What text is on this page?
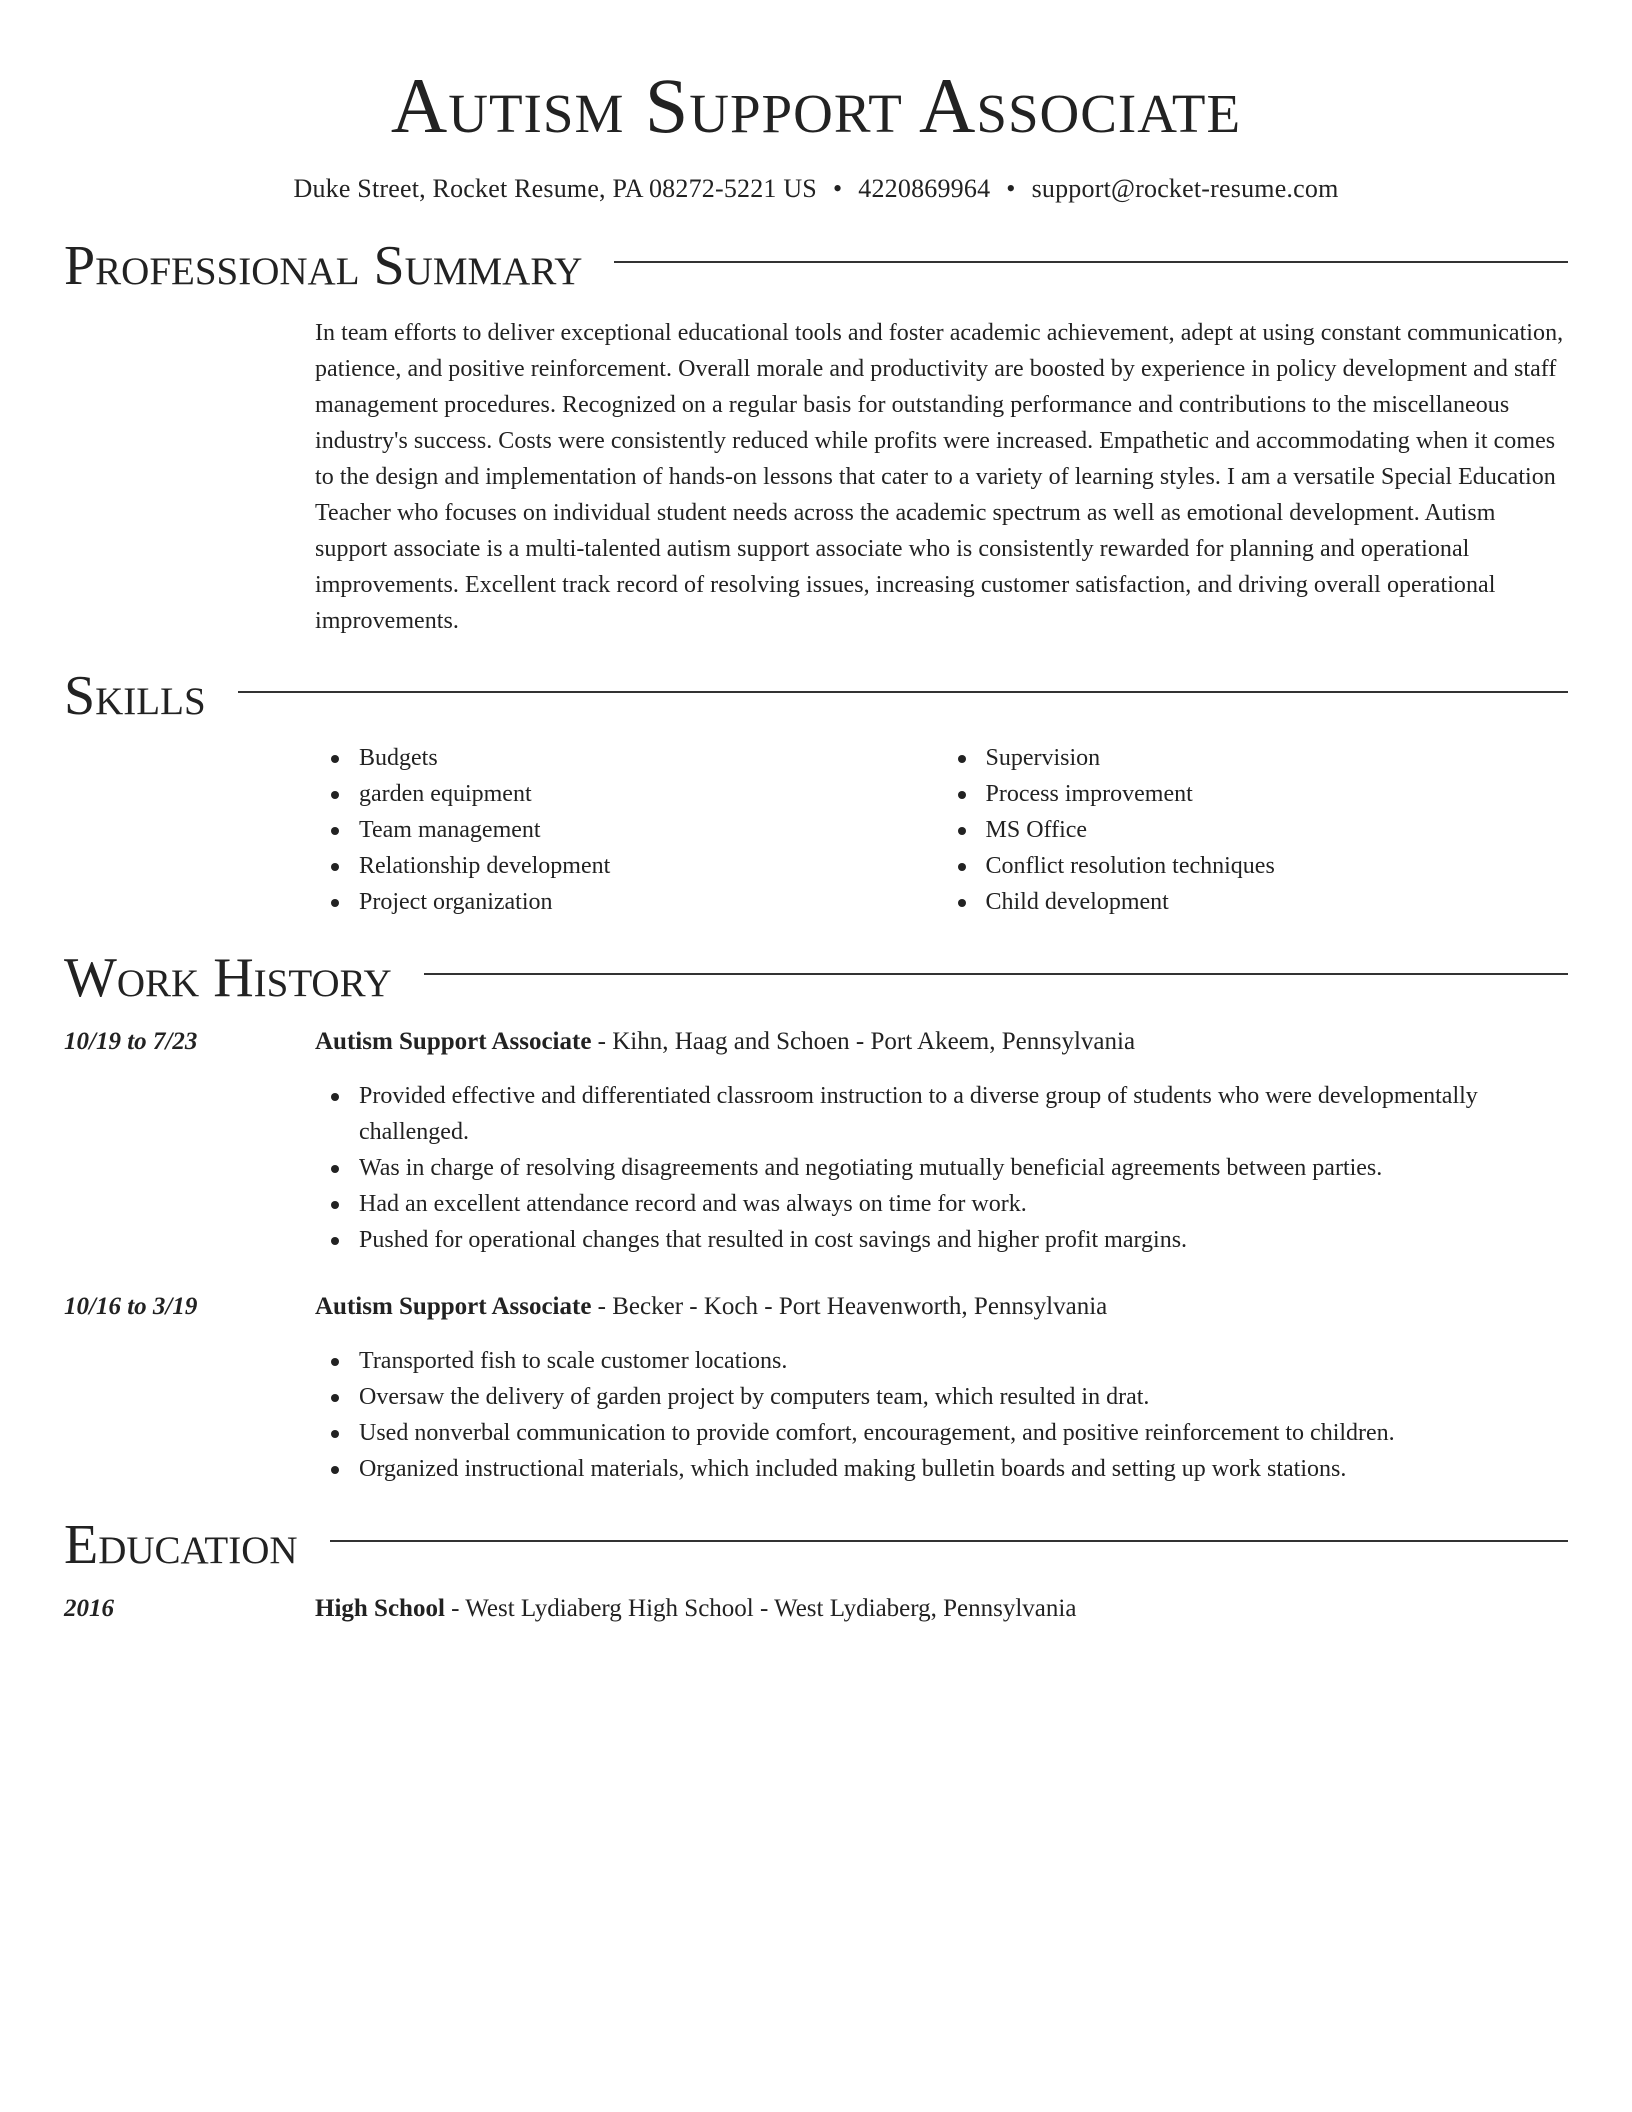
Autism Support Associate
Duke Street, Rocket Resume, PA 08272-5221 US • 4220869964 • support@rocket-resume.com
Professional Summary

In team efforts to deliver exceptional educational tools and foster academic achievement, adept at using constant communication, patience, and positive reinforcement. Overall morale and productivity are boosted by experience in policy development and staff management procedures. Recognized on a regular basis for outstanding performance and contributions to the miscellaneous industry's success. Costs were consistently reduced while profits were increased. Empathetic and accommodating when it comes to the design and implementation of hands-on lessons that cater to a variety of learning styles. I am a versatile Special Education Teacher who focuses on individual student needs across the academic spectrum as well as emotional development. Autism support associate is a multi-talented autism support associate who is consistently rewarded for planning and operational improvements. Excellent track record of resolving issues, increasing customer satisfaction, and driving overall operational improvements.

Skills
Budgets
garden equipment
Team management
Relationship development
Project organization
Supervision
Process improvement
MS Office
Conflict resolution techniques
Child development
Work History
10/19 to 7/23	Autism Support Associate - Kihn, Haag and Schoen - Port Akeem, Pennsylvania
Provided effective and differentiated classroom instruction to a diverse group of students who were developmentally challenged.
Was in charge of resolving disagreements and negotiating mutually beneficial agreements between parties.
Had an excellent attendance record and was always on time for work.
Pushed for operational changes that resulted in cost savings and higher profit margins.
10/16 to 3/19	Autism Support Associate - Becker - Koch - Port Heavenworth, Pennsylvania
Transported fish to scale customer locations.
Oversaw the delivery of garden project by computers team, which resulted in drat.
Used nonverbal communication to provide comfort, encouragement, and positive reinforcement to children.
Organized instructional materials, which included making bulletin boards and setting up work stations.
Education
2016	High School - West Lydiaberg High School - West Lydiaberg, Pennsylvania
